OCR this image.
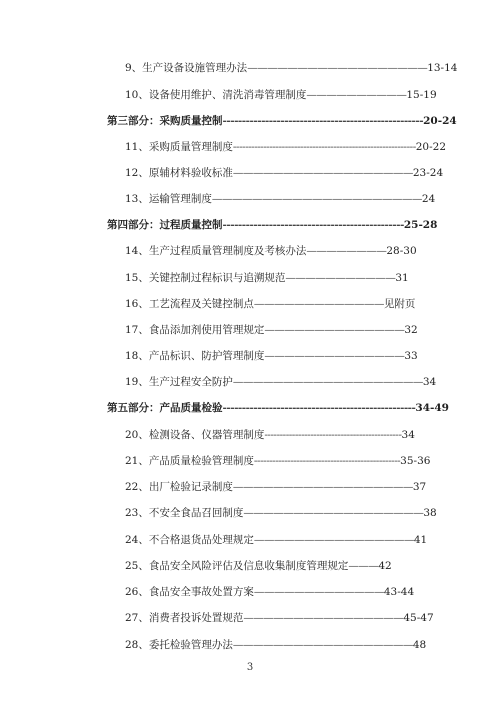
9、生产设备设施管理办法——————————————————13-14
10、设备使用维护、清洗消毒管理制度——————————15-19
第三部分：采购质量控制----------------------------------------------------20-24
11、采购质量管理制度------------------------------------------------------------20-22
12、原辅材料验收标准——————————————————23-24
13、运输管理制度—————————————————————24
第四部分：过程质量控制-----------------------------------------------25-28
14、生产过程质量管理制度及考核办法————————28-30
15、关键控制过程标识与追溯规范———————————31
16、工艺流程及关键控制点—————————————见附页
17、食品添加剂使用管理规定——————————————32
18、产品标识、防护管理制度——————————————33
19、生产过程安全防护———————————————————34
第五部分：产品质量检验--------------------------------------------------34-49
20、检测设备、仪器管理制度---------------------------------------------34
21、产品质量检验管理制度------------------------------------------------35-36
22、出厂检验记录制度——————————————————37
23、不安全食品召回制度——————————————————38
24、不合格退货品处理规定————————————————41
25、食品安全风险评估及信息收集制度管理规定———42
26、食品安全事故处置方案—————————————43-44
27、消费者投诉处置规范————————————————45-47
28、委托检验管理办法——————————————————48
3
